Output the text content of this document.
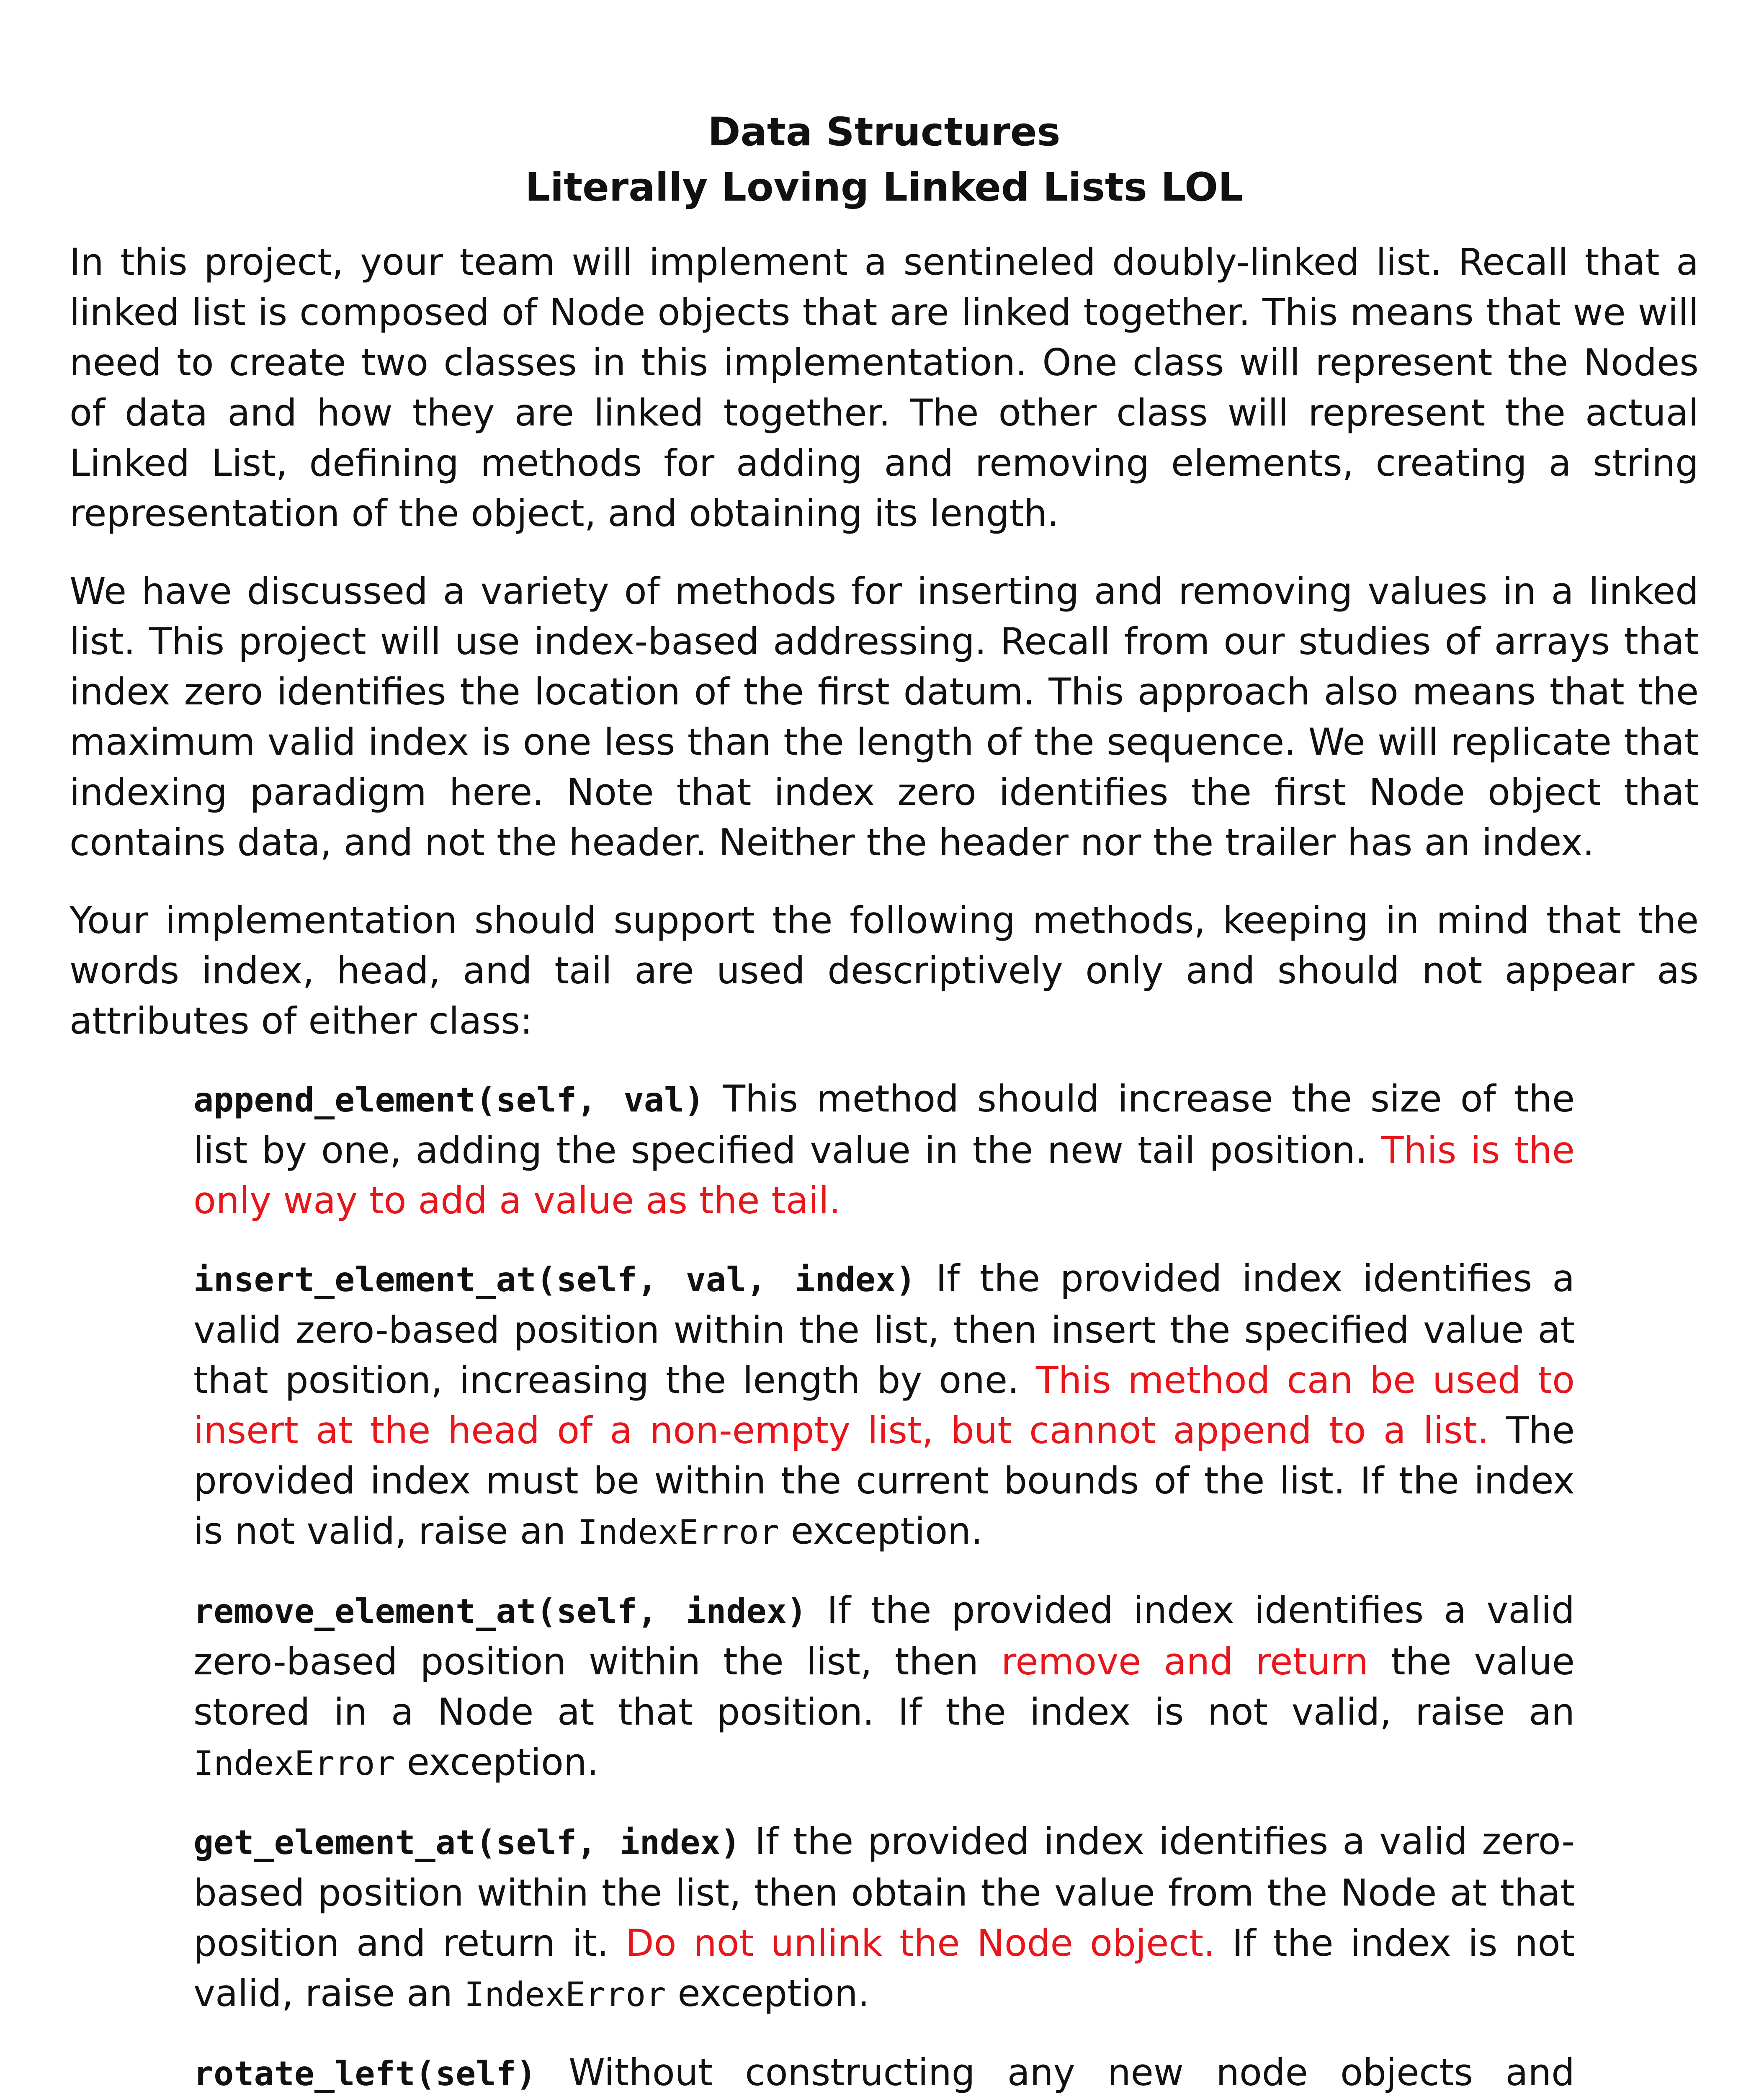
Data Structures
Literally Loving Linked Lists LOL

In this project, your team will implement a sentineled doubly-linked list. Recall that a linked list is composed of Node objects that are linked together. This means that we will need to create two classes in this implementation. One class will represent the Nodes of data and how they are linked together. The other class will represent the actual Linked List, defining methods for adding and removing elements, creating a string representation of the object, and obtaining its length.

We have discussed a variety of methods for inserting and removing values in a linked list. This project will use index-based addressing. Recall from our studies of arrays that index zero identifies the location of the first datum. This approach also means that the maximum valid index is one less than the length of the sequence. We will replicate that indexing paradigm here. Note that index zero identifies the first Node object that contains data, and not the header. Neither the header nor the trailer has an index.

Your implementation should support the following methods, keeping in mind that the words index, head, and tail are used descriptively only and should not appear as attributes of either class:

append_element(self, val) This method should increase the size of the list by one, adding the specified value in the new tail position. This is the only way to add a value as the tail.

insert_element_at(self, val, index) If the provided index identifies a valid zero-based position within the list, then insert the specified value at that position, increasing the length by one. This method can be used to insert at the head of a non-empty list, but cannot append to a list. The provided index must be within the current bounds of the list. If the index is not valid, raise an IndexError exception.

remove_element_at(self, index) If the provided index identifies a valid zero-based position within the list, then remove and return the value stored in a Node at that position. If the index is not valid, raise an IndexError exception.

get_element_at(self, index) If the provided index identifies a valid zero-based position within the list, then obtain the value from the Node at that position and return it. Do not unlink the Node object. If the index is not valid, raise an IndexError exception.

rotate_left(self) Without constructing any new node objects and
